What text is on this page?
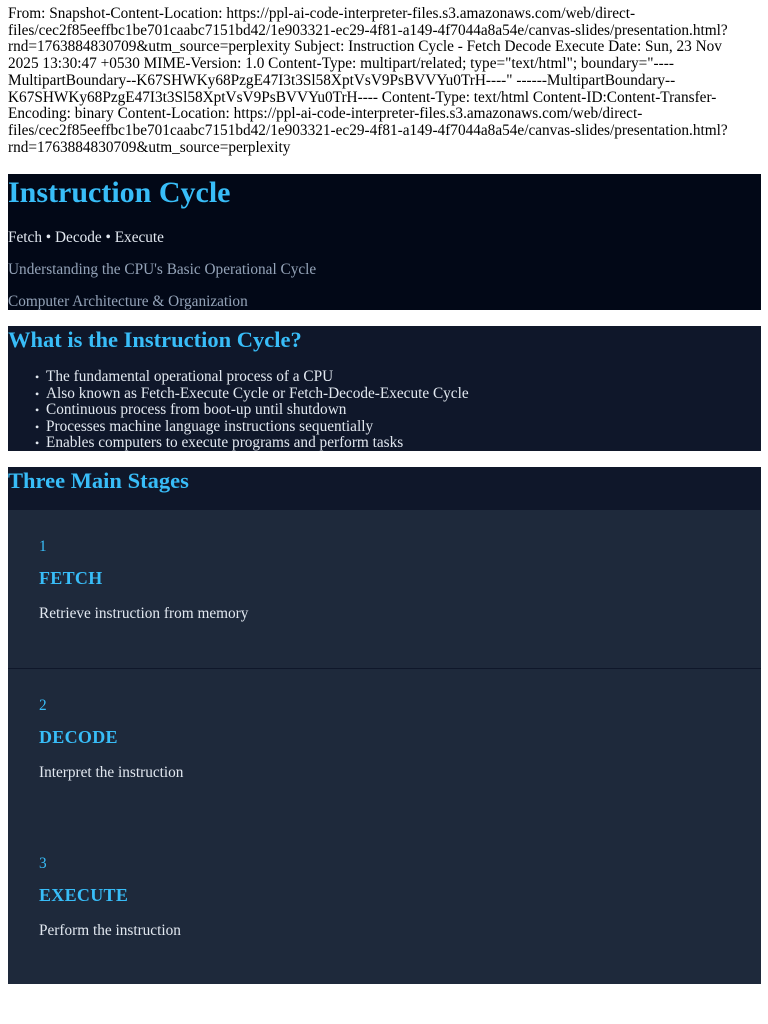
From: Snapshot-Content-Location: https://ppl-ai-code-interpreter-files.s3.amazonaws.com/web/direct-files/cec2f85eeffbc1be701caabc7151bd42/1e903321-ec29-4f81-a149-4f7044a8a54e/canvas-slides/presentation.html?rnd=1763884830709&utm_source=perplexity Subject: Instruction Cycle - Fetch Decode Execute Date: Sun, 23 Nov 2025 13:30:47 +0530 MIME-Version: 1.0 Content-Type: multipart/related; type="text/html"; boundary="----MultipartBoundary--K67SHWKy68PzgE47I3t3Sl58XptVsV9PsBVVYu0TrH----" ------MultipartBoundary--K67SHWKy68PzgE47I3t3Sl58XptVsV9PsBVVYu0TrH---- Content-Type: text/html Content-ID:Content-Transfer-Encoding: binary Content-Location: https://ppl-ai-code-interpreter-files.s3.amazonaws.com/web/direct-files/cec2f85eeffbc1be701caabc7151bd42/1e903321-ec29-4f81-a149-4f7044a8a54e/canvas-slides/presentation.html?rnd=1763884830709&utm_source=perplexity
Instruction Cycle
Fetch • Decode • Execute
Understanding the CPU's Basic Operational Cycle
Computer Architecture & Organization
What is the Instruction Cycle?
• The fundamental operational process of a CPU
• Also known as Fetch-Execute Cycle or Fetch-Decode-Execute Cycle
• Continuous process from boot-up until shutdown
• Processes machine language instructions sequentially
• Enables computers to execute programs and perform tasks
Three Main Stages
1
FETCH
Retrieve instruction from memory
2
DECODE
Interpret the instruction
3
EXECUTE
Perform the instruction
